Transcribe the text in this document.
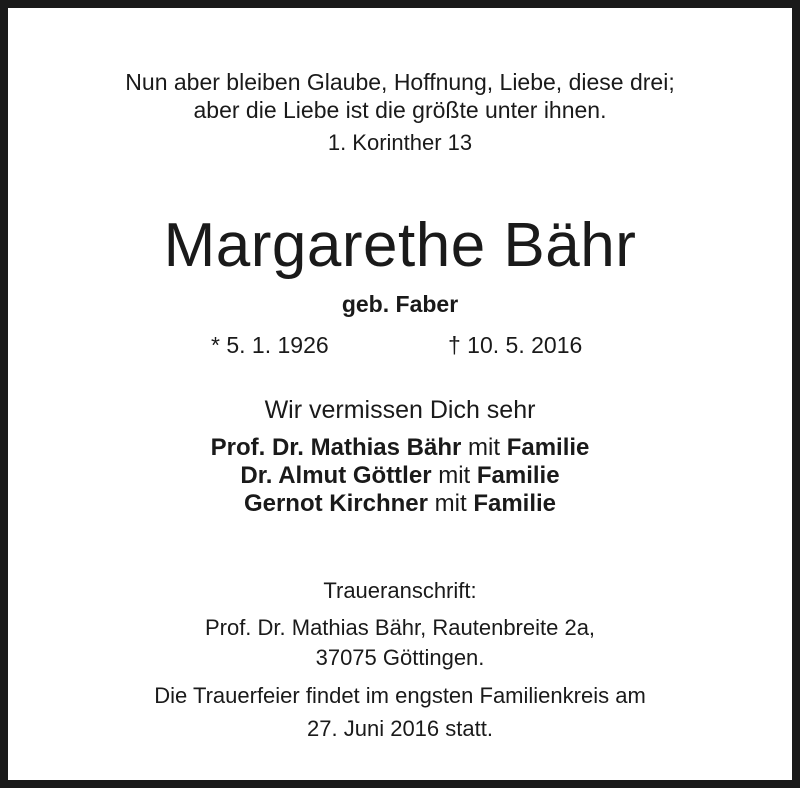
Nun aber bleiben Glaube, Hoffnung, Liebe, diese drei;
aber die Liebe ist die größte unter ihnen.
1. Korinther 13
Margarethe Bähr
geb. Faber
* 5. 1. 1926	† 10. 5. 2016
Wir vermissen Dich sehr
Prof. Dr. Mathias Bähr mit Familie
Dr. Almut Göttler mit Familie
Gernot Kirchner mit Familie
Traueranschrift:
Prof. Dr. Mathias Bähr, Rautenbreite 2a,
37075 Göttingen.
Die Trauerfeier findet im engsten Familienkreis am
27. Juni 2016 statt.
